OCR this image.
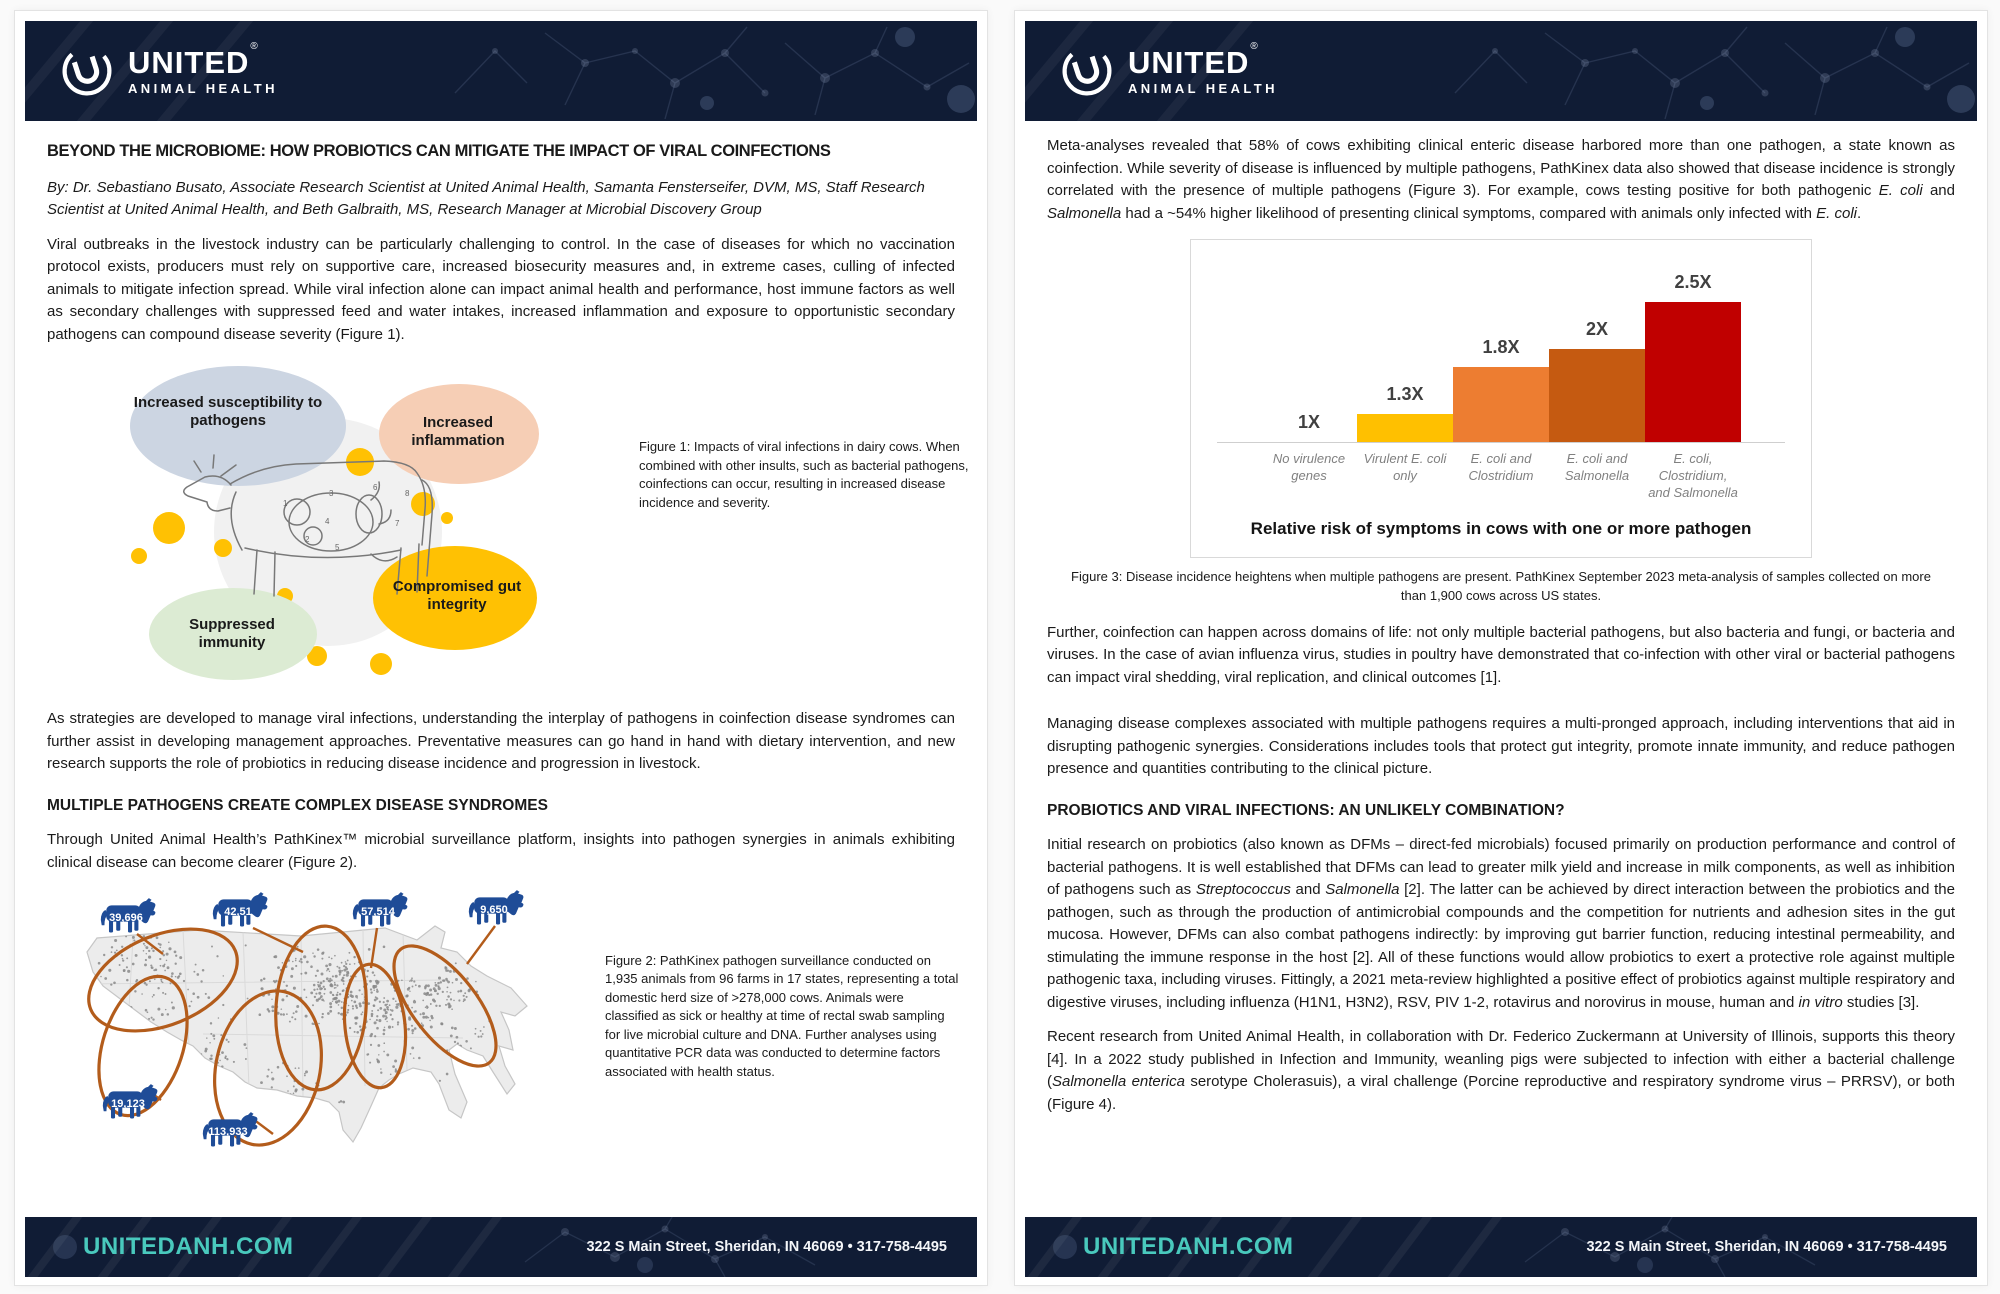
UNITED®
ANIMAL HEALTH
BEYOND THE MICROBIOME: HOW PROBIOTICS CAN MITIGATE THE IMPACT OF VIRAL COINFECTIONS

By: Dr. Sebastiano Busato, Associate Research Scientist at United Animal Health, Samanta Fensterseifer, DVM, MS, Staff Research Scientist at United Animal Health, and Beth Galbraith, MS, Research Manager at Microbial Discovery Group

Viral outbreaks in the livestock industry can be particularly challenging to control. In the case of diseases for which no vaccination protocol exists, producers must rely on supportive care, increased biosecurity measures and, in extreme cases, culling of infected animals to mitigate infection spread. While viral infection alone can impact animal health and performance, host immune factors as well as secondary challenges with suppressed feed and water intakes, increased inflammation and exposure to opportunistic secondary pathogens can compound disease severity (Figure 1).

1
2
3
4
5
6
7
8
Increased susceptibility to pathogens	Increased inflammation
Compromised gut integrity
Suppressed immunity
Figure 1: Impacts of viral infections in dairy cows. When combined with other insults, such as bacterial pathogens, coinfections can occur, resulting in increased disease incidence and severity.

As strategies are developed to manage viral infections, understanding the interplay of pathogens in coinfection disease syndromes can further assist in developing management approaches. Preventative measures can go hand in hand with dietary intervention, and new research supports the role of probiotics in reducing disease incidence and progression in livestock.

MULTIPLE PATHOGENS CREATE COMPLEX DISEASE SYNDROMES

Through United Animal Health’s PathKinex™ microbial surveillance platform, insights into pathogen synergies in animals exhibiting clinical disease can become clearer (Figure 2).

39,696	42,51	57,514	9,650
19,123
113,933
Figure 2: PathKinex pathogen surveillance conducted on 1,935 animals from 96 farms in 17 states, representing a total domestic herd size of >278,000 cows. Animals were classified as sick or healthy at time of rectal swab sampling for live microbial culture and DNA. Further analyses using quantitative PCR data was conducted to determine factors associated with health status.
UNITEDANH.COM	322 S Main Street, Sheridan, IN 46069 • 317-758-4495
UNITED®
ANIMAL HEALTH

Meta-analyses revealed that 58% of cows exhibiting clinical enteric disease harbored more than one pathogen, a state known as coinfection. While severity of disease is influenced by multiple pathogens, PathKinex data also showed that disease incidence is strongly correlated with the presence of multiple pathogens (Figure 3). For example, cows testing positive for both pathogenic E. coli and Salmonella had a ~54% higher likelihood of presenting clinical symptoms, compared with animals only infected with E. coli.

1X
1.3X
1.8X
2X
2.5X
No virulence genes
Virulent E. coli only
E. coli and Clostridium
E. coli and Salmonella
E. coli, Clostridium, and Salmonella
Relative risk of symptoms in cows with one or more pathogen

Figure 3: Disease incidence heightens when multiple pathogens are present. PathKinex September 2023 meta-analysis of samples collected on more than 1,900 cows across US states.

Further, coinfection can happen across domains of life: not only multiple bacterial pathogens, but also bacteria and fungi, or bacteria and viruses. In the case of avian influenza virus, studies in poultry have demonstrated that co-infection with other viral or bacterial pathogens can impact viral shedding, viral replication, and clinical outcomes [1].

Managing disease complexes associated with multiple pathogens requires a multi-pronged approach, including interventions that aid in disrupting pathogenic synergies. Considerations includes tools that protect gut integrity, promote innate immunity, and reduce pathogen presence and quantities contributing to the clinical picture.

PROBIOTICS AND VIRAL INFECTIONS: AN UNLIKELY COMBINATION?

Initial research on probiotics (also known as DFMs – direct-fed microbials) focused primarily on production performance and control of bacterial pathogens. It is well established that DFMs can lead to greater milk yield and increase in milk components, as well as inhibition of pathogens such as Streptococcus and Salmonella [2]. The latter can be achieved by direct interaction between the probiotics and the pathogen, such as through the production of antimicrobial compounds and the competition for nutrients and adhesion sites in the gut mucosa. However, DFMs can also combat pathogens indirectly: by improving gut barrier function, reducing intestinal permeability, and stimulating the immune response in the host [2]. All of these functions would allow probiotics to exert a protective role against multiple pathogenic taxa, including viruses. Fittingly, a 2021 meta-review highlighted a positive effect of probiotics against multiple respiratory and digestive viruses, including influenza (H1N1, H3N2), RSV, PIV 1-2, rotavirus and norovirus in mouse, human and in vitro studies [3].

Recent research from United Animal Health, in collaboration with Dr. Federico Zuckermann at University of Illinois, supports this theory [4]. In a 2022 study published in Infection and Immunity, weanling pigs were subjected to infection with either a bacterial challenge (Salmonella enterica serotype Cholerasuis), a viral challenge (Porcine reproductive and respiratory syndrome virus – PRRSV), or both (Figure 4).

UNITEDANH.COM	322 S Main Street, Sheridan, IN 46069 • 317-758-4495
